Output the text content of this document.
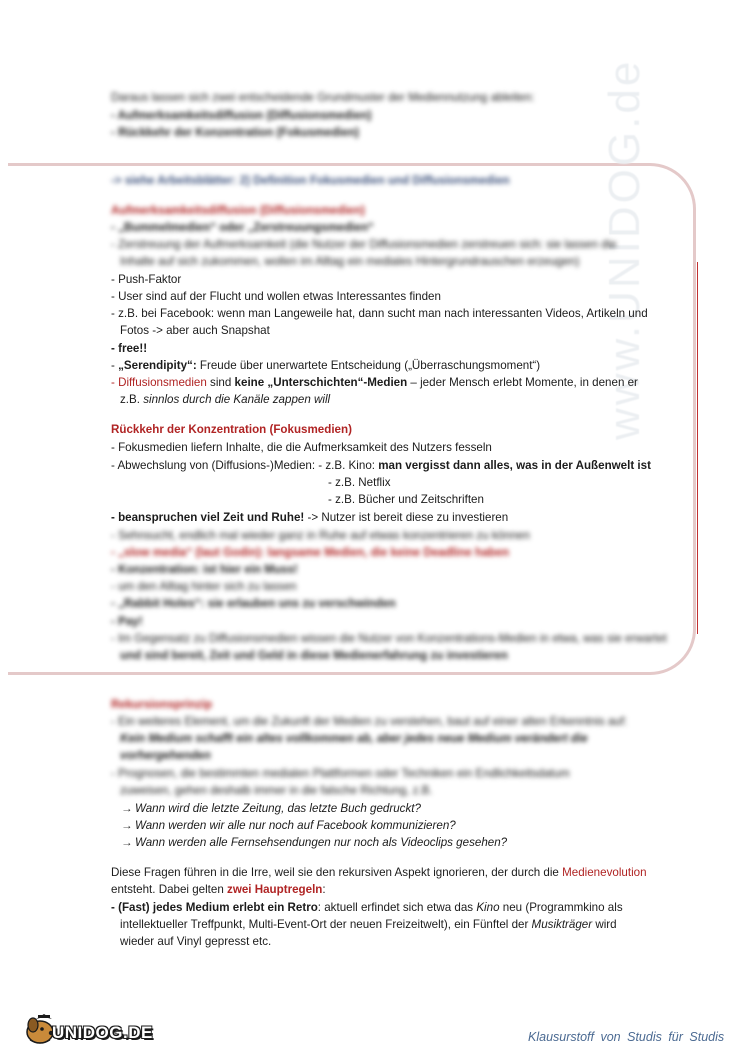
www.UNIDOG.de
Daraus lassen sich zwei entscheidende Grundmuster der Mediennutzung ableiten:
- Aufmerksamkeitsdiffusion (Diffusionsmedien)
- Rückkehr der Konzentration (Fokusmedien)
-> siehe Arbeitsblätter: 2) Definition Fokusmedien und Diffusionsmedien
Aufmerksamkeitsdiffusion (Diffusionsmedien)
- „Bummelmedien“ oder „Zerstreuungsmedien“
- Zerstreuung der Aufmerksamkeit (die Nutzer der Diffusionsmedien zerstreuen sich: sie lassen die
Inhalte auf sich zukommen, wollen im Alltag ein mediales Hintergrundrauschen erzeugen)
- Push-Faktor
- User sind auf der Flucht und wollen etwas Interessantes finden
- z.B. bei Facebook: wenn man Langeweile hat, dann sucht man nach interessanten Videos, Artikeln und
Fotos -> aber auch Snapshat
- free!!
- „Serendipity“: Freude über unerwartete Entscheidung („Überraschungsmoment“)
- Diffusionsmedien sind keine „Unterschichten“-Medien – jeder Mensch erlebt Momente, in denen er
z.B. sinnlos durch die Kanäle zappen will
Rückkehr der Konzentration (Fokusmedien)
- Fokusmedien liefern Inhalte, die die Aufmerksamkeit des Nutzers fesseln
- Abwechslung von (Diffusions-)Medien: - z.B. Kino: man vergisst dann alles, was in der Außenwelt ist
- z.B. Netflix
- z.B. Bücher und Zeitschriften
- beanspruchen viel Zeit und Ruhe! -> Nutzer ist bereit diese zu investieren
- Sehnsucht, endlich mal wieder ganz in Ruhe auf etwas konzentrieren zu können
- „slow media“ (laut Godin): langsame Medien, die keine Deadline haben
- Konzentration: ist hier ein Muss!
- um den Alltag hinter sich zu lassen
- „Rabbit Holes“: sie erlauben uns zu verschwinden
- Pay!
- Im Gegensatz zu Diffusionsmedien wissen die Nutzer von Konzentrations-Medien in etwa, was sie erwartet
und sind bereit, Zeit und Geld in diese Medienerfahrung zu investieren
Rekursionsprinzip
- Ein weiteres Element, um die Zukunft der Medien zu verstehen, baut auf einer alten Erkenntnis auf:
Kein Medium schafft ein altes vollkommen ab, aber jedes neue Medium verändert die
vorhergehenden
- Prognosen, die bestimmten medialen Plattformen oder Techniken ein Endlichkeitsdatum
zuweisen, gehen deshalb immer in die falsche Richtung, z.B.
→ Wann wird die letzte Zeitung, das letzte Buch gedruckt?
→ Wann werden wir alle nur noch auf Facebook kommunizieren?
→ Wann werden alle Fernsehsendungen nur noch als Videoclips gesehen?
Diese Fragen führen in die Irre, weil sie den rekursiven Aspekt ignorieren, der durch die Medienevolution
entsteht. Dabei gelten zwei Hauptregeln:
- (Fast) jedes Medium erlebt ein Retro: aktuell erfindet sich etwa das Kino neu (Programmkino als
intellektueller Treffpunkt, Multi-Event-Ort der neuen Freizeitwelt), ein Fünftel der Musikträger wird
wieder auf Vinyl gepresst etc.
UNIDOG.DE	Klausurstoff von Studis für Studis
